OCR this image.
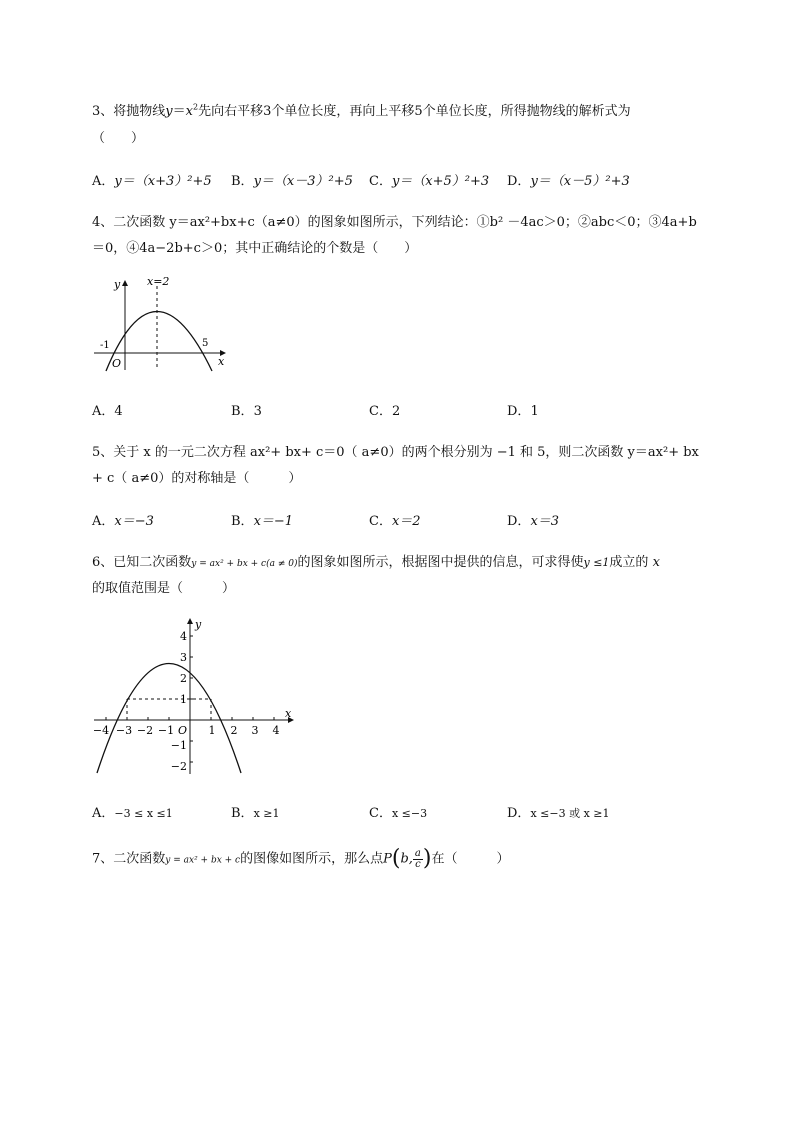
3、将抛物线$y=x^2$先向右平移3个单位长度，再向上平移5个单位长度，所得抛物线的解析式为
（　　）
A．y＝（x+3）²+5 B．y＝（x－3）²+5 C．y＝（x+5）²+3 D．y＝（x－5）²+3
4、二次函数 y＝ax²+bx+c（a≠0）的图象如图所示，下列结论：①b² －4ac＞0；②abc＜0；③4a+b
＝0，④4a−2b+c＞0；其中正确结论的个数是（　　）
x=2
y
x
-1	5
O
A．4	B．3	C．2	D．1
5、关于 x 的一元二次方程 ax²+ bx+ c＝0（ a≠0）的两个根分别为 −1 和 5，则二次函数 y＝ax²+ bx
+ c（ a≠0）的对称轴是（　　　）
A．x＝−3	B．x＝−1	C．x＝2	D．x＝3
6、已知二次函数y = ax² + bx + c(a ≠ 0)的图象如图所示，根据图中提供的信息，可求得使y ≤1成立的 x
的取值范围是（　　　）
y
x
O
−4 −3 −2 −1	1 2 3 4
4
3
2
1
−1
−2
A．−3 ≤ x ≤1	B．x ≥1	C．x ≤−3	D．x ≤−3 或 x ≥1
7、二次函数y = ax² + bx + c的图像如图所示，那么点P(b, $\frac{a}{c}$ )在（　　　）
